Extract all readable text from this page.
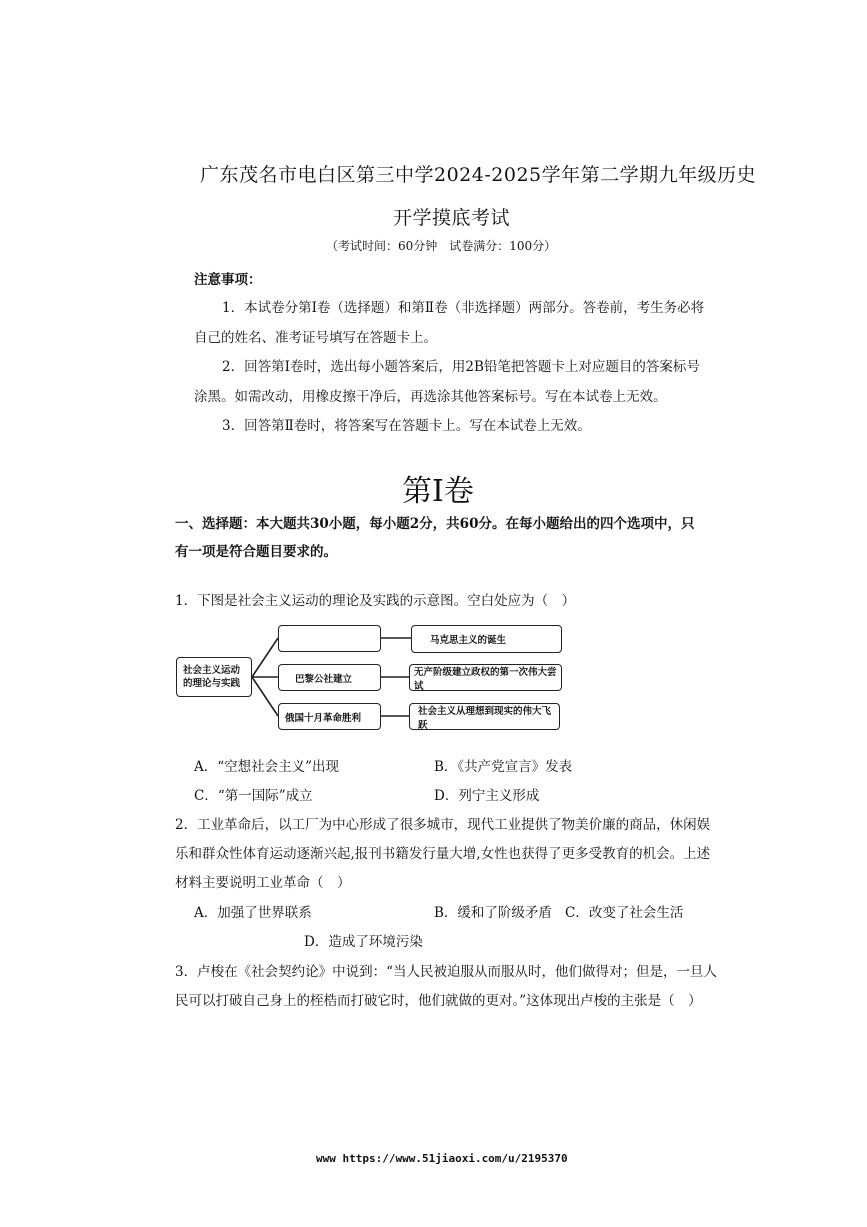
广东茂名市电白区第三中学2024-2025学年第二学期九年级历史
开学摸底考试
（考试时间：60分钟　试卷满分：100分）
注意事项：
1．本试卷分第Ⅰ卷（选择题）和第Ⅱ卷（非选择题）两部分。答卷前，考生务必将
自己的姓名、准考证号填写在答题卡上。
2．回答第Ⅰ卷时，选出每小题答案后，用2B铅笔把答题卡上对应题目的答案标号
涂黑。如需改动，用橡皮擦干净后，再选涂其他答案标号。写在本试卷上无效。
3．回答第Ⅱ卷时，将答案写在答题卡上。写在本试卷上无效。
第Ⅰ卷
一、选择题：本大题共30小题，每小题2分，共60分。在每小题给出的四个选项中，只
有一项是符合题目要求的。
1．下图是社会主义运动的理论及实践的示意图。空白处应为（　）
社会主义运动的理论与实践	巴黎公社建立
俄国十月革命胜利
马克思主义的诞生
无产阶级建立政权的第一次伟大尝试
社会主义从理想到现实的伟大飞跃
A．“空想社会主义”出现	B．《共产党宣言》发表
C．“第一国际”成立	D．列宁主义形成
2．工业革命后，以工厂为中心形成了很多城市，现代工业提供了物美价廉的商品，休闲娱
乐和群众性体育运动逐渐兴起,报刊书籍发行量大增,女性也获得了更多受教育的机会。上述
材料主要说明工业革命（　）
A．加强了世界联系	B．缓和了阶级矛盾 C．改变了社会生活
D．造成了环境污染
3．卢梭在《社会契约论》中说到：“当人民被迫服从而服从时，他们做得对；但是，一旦人
民可以打破自己身上的桎梏而打破它时，他们就做的更对。”这体现出卢梭的主张是（　）
www https://www.51jiaoxi.com/u/2195370
